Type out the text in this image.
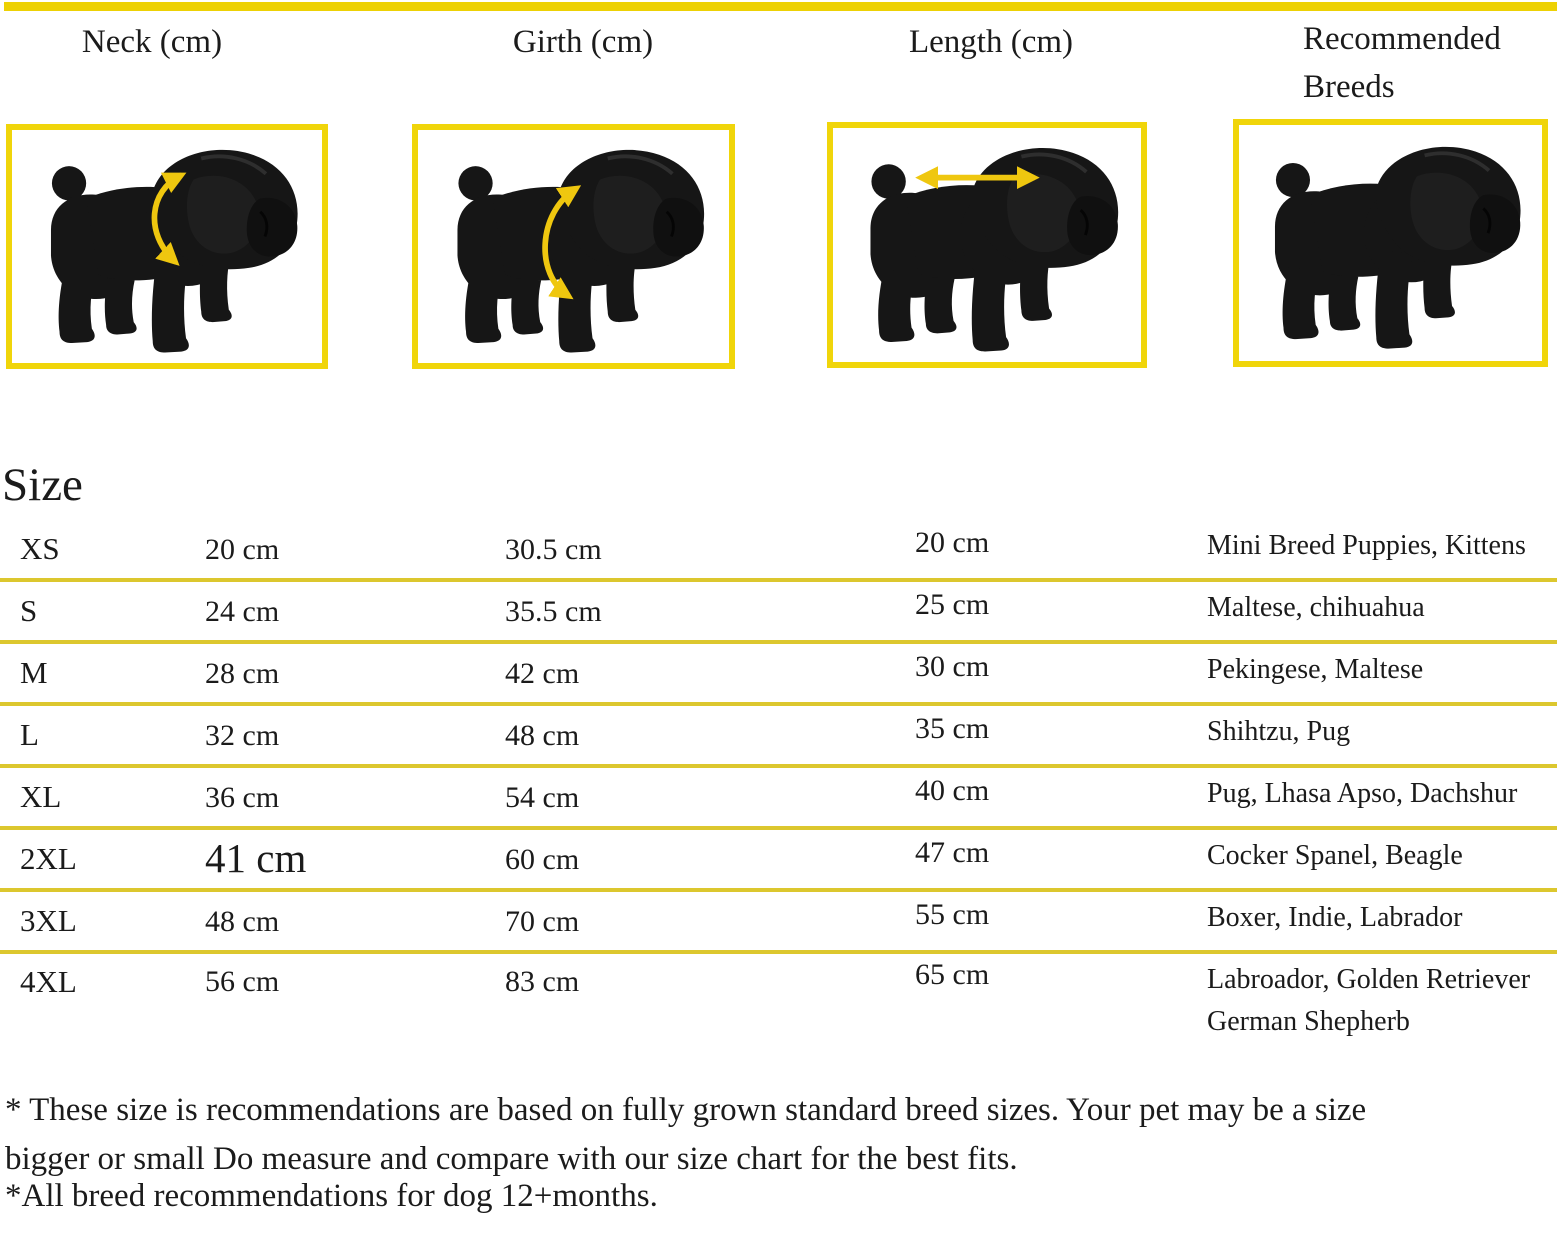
Neck (cm)	Girth (cm)	Length (cm)	Recommended Breeds
Size
XS	20 cm	30.5 cm	20 cm	Mini Breed Puppies, Kittens
S	24 cm	35.5 cm	25 cm	Maltese, chihuahua
M	28 cm	42 cm	30 cm	Pekingese, Maltese
L	32 cm	48 cm	35 cm	Shihtzu, Pug
XL	36 cm	54 cm	40 cm	Pug, Lhasa Apso, Dachshur
2XL	41 cm	60 cm	47 cm	Cocker Spanel, Beagle
3XL	48 cm	70 cm	55 cm	Boxer, Indie, Labrador
4XL	56 cm	83 cm	65 cm	Labroador, Golden Retriever
German Shepherb
* These size is recommendations are based on fully grown standard breed sizes. Your pet may be a size
bigger or small Do measure and compare with our size chart for the best fits.
*All breed recommendations for dog 12+months.
